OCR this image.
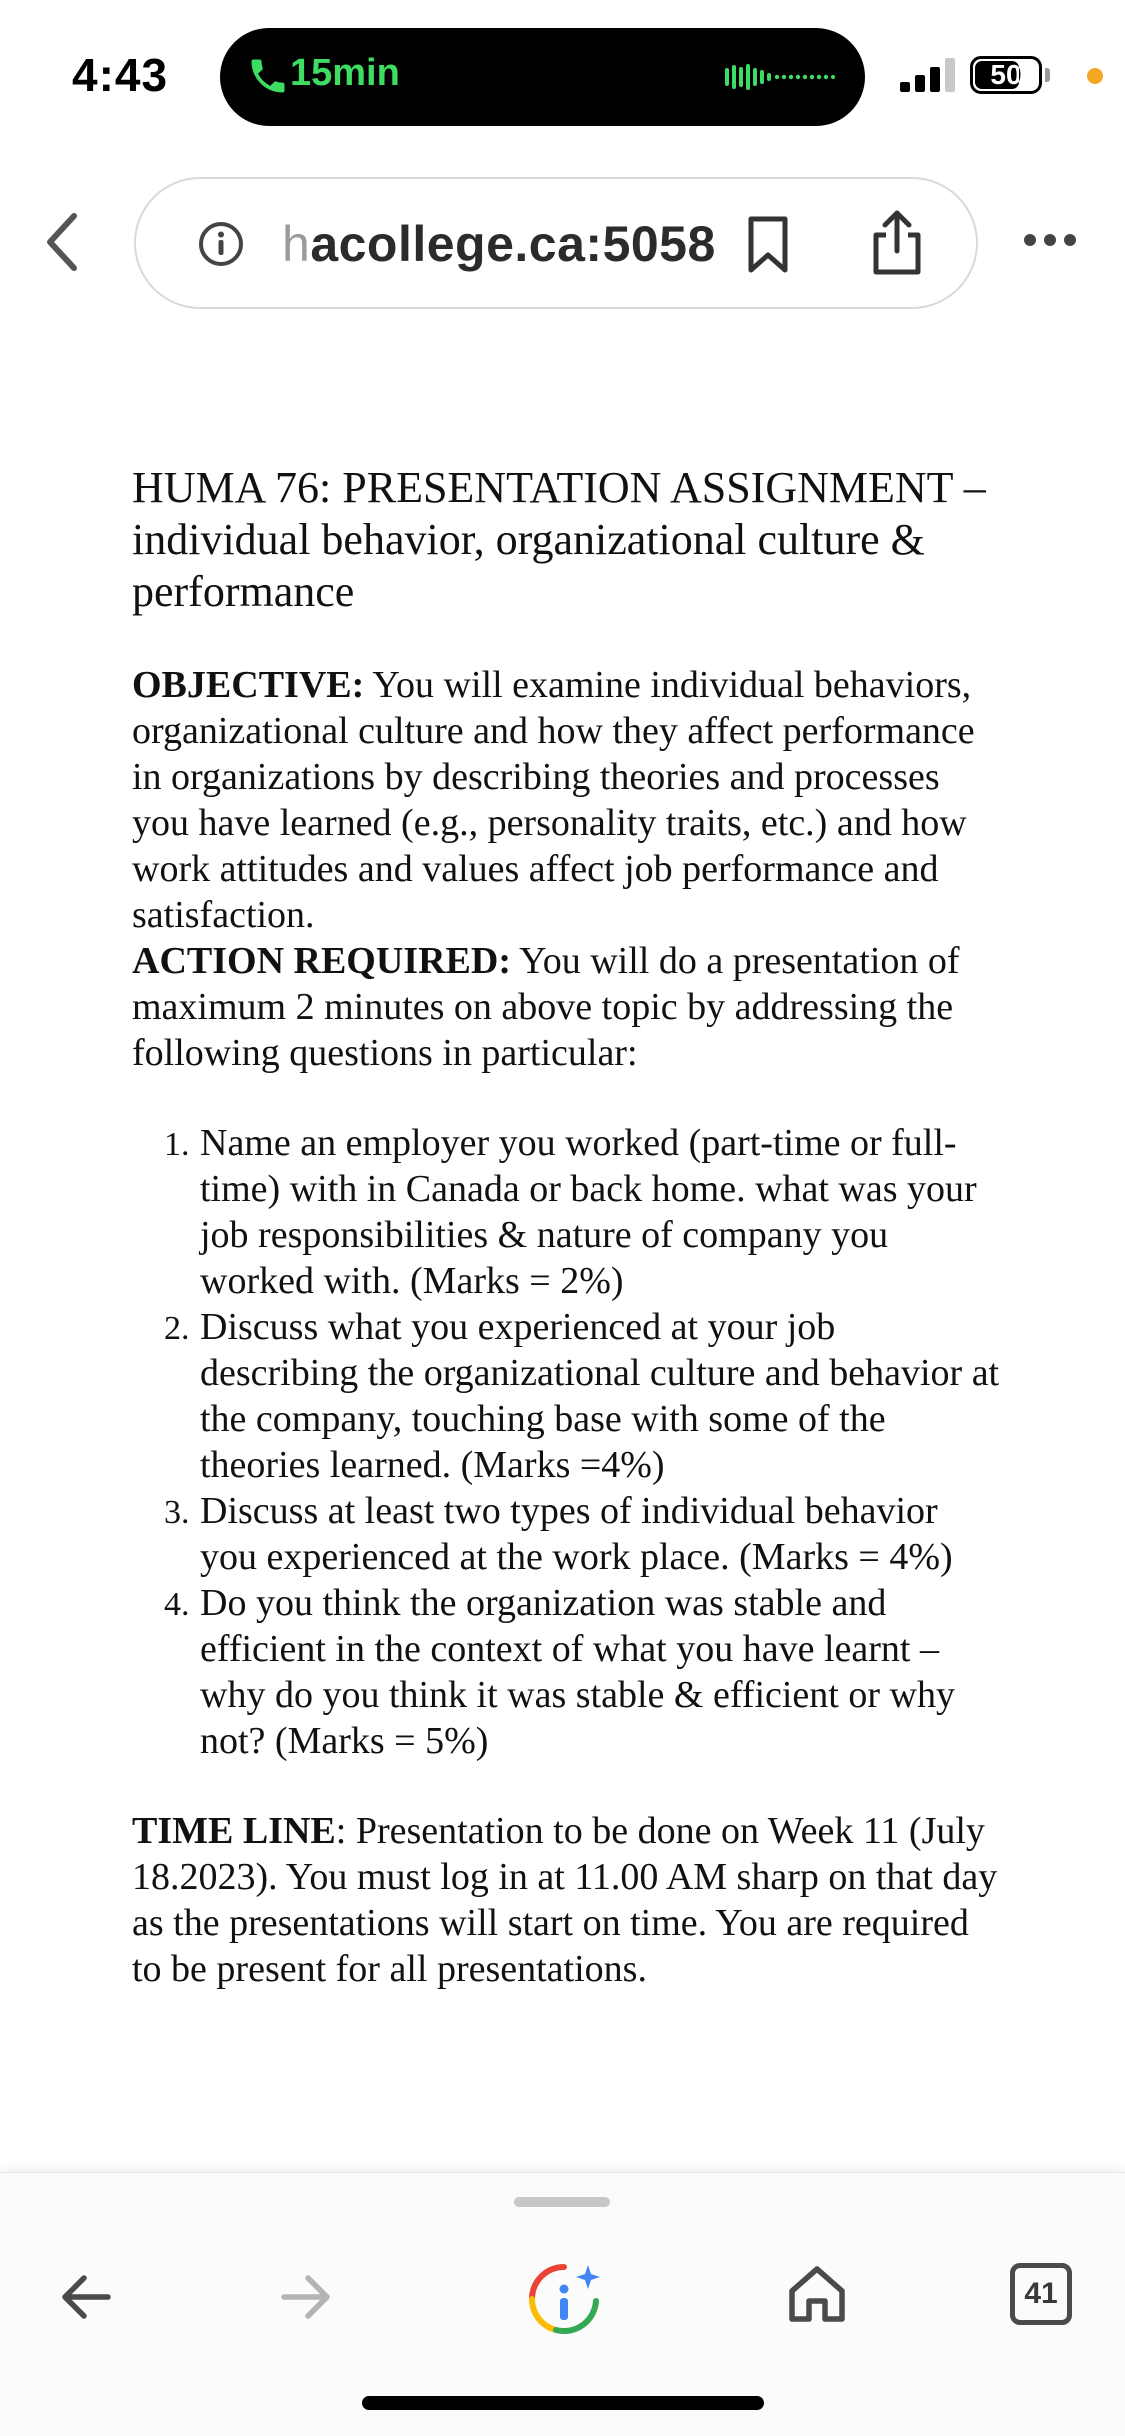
4:43	15min	50
hacollege.ca:5058
HUMA 76: PRESENTATION ASSIGNMENT – individual behavior, organizational culture & performance

OBJECTIVE: You will examine individual behaviors, organizational culture and how they affect performance in organizations by describing theories and processes you have learned (e.g., personality traits, etc.) and how work attitudes and values affect job performance and satisfaction.

ACTION REQUIRED: You will do a presentation of maximum 2 minutes on above topic by addressing the following questions in particular:

1. Name an employer you worked (part-time or full-time) with in Canada or back home. what was your job responsibilities & nature of company you worked with. (Marks = 2%)
2. Discuss what you experienced at your job describing the organizational culture and behavior at the company, touching base with some of the theories learned. (Marks =4%)
3. Discuss at least two types of individual behavior you experienced at the work place. (Marks = 4%)
4. Do you think the organization was stable and efficient in the context of what you have learnt – why do you think it was stable & efficient or why not? (Marks = 5%)

TIME LINE: Presentation to be done on Week 11 (July 18.2023). You must log in at 11.00 AM sharp on that day as the presentations will start on time. You are required to be present for all presentations.

41
